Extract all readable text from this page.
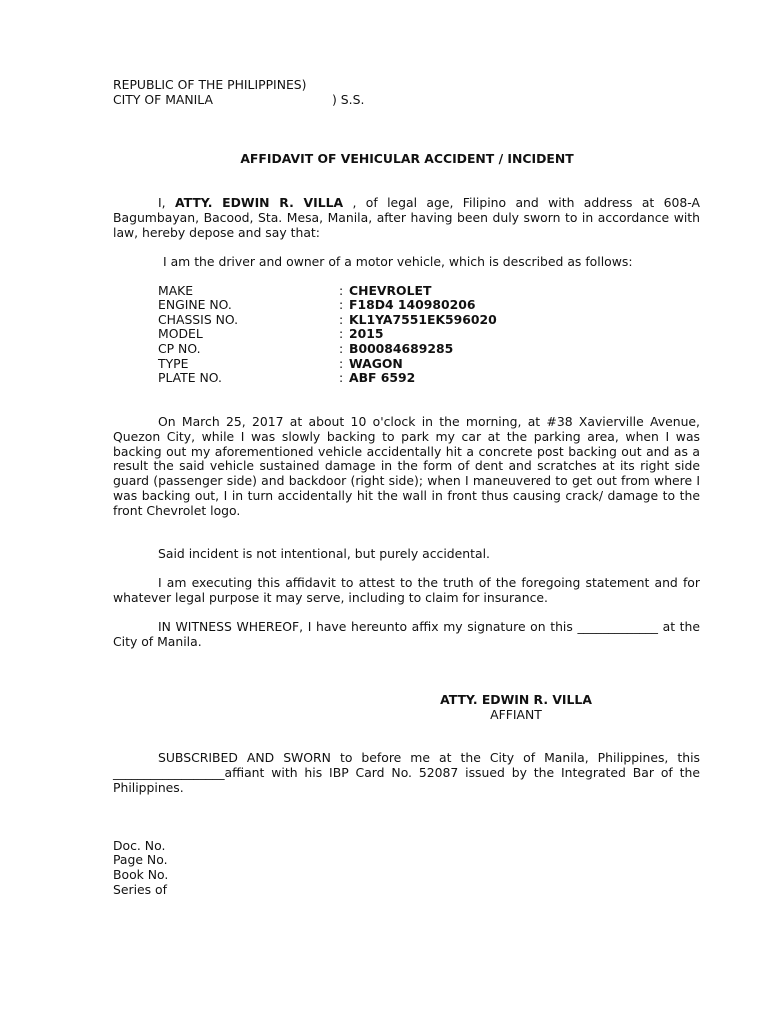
REPUBLIC OF THE PHILIPPINES)
CITY OF MANILA	) S.S.
AFFIDAVIT OF VEHICULAR ACCIDENT / INCIDENT
I, ATTY. EDWIN R. VILLA , of legal age, Filipino and with address at 608-A Bagumbayan, Bacood, Sta. Mesa, Manila, after having been duly sworn to in accordance with law, hereby depose and say that:
I am the driver and owner of a motor vehicle, which is described as follows:
MAKE	: CHEVROLET
ENGINE NO.	: F18D4 140980206
CHASSIS NO.	: KL1YA7551EK596020
MODEL	: 2015
CP NO.	: B00084689285
TYPE	: WAGON
PLATE NO.	: ABF 6592
On March 25, 2017 at about 10 o'clock in the morning, at #38 Xavierville Avenue, Quezon City, while I was slowly backing to park my car at the parking area, when I was backing out my aforementioned vehicle accidentally hit a concrete post backing out and as a result the said vehicle sustained damage in the form of dent and scratches at its right side guard (passenger side) and backdoor (right side); when I maneuvered to get out from where I was backing out, I in turn accidentally hit the wall in front thus causing crack/ damage to the front Chevrolet logo.
Said incident is not intentional, but purely accidental.
I am executing this affidavit to attest to the truth of the foregoing statement and for whatever legal purpose it may serve, including to claim for insurance.
IN WITNESS WHEREOF, I have hereunto affix my signature on this _____________ at the City of Manila.
ATTY. EDWIN R. VILLA
AFFIANT
SUBSCRIBED AND SWORN to before me at the City of Manila, Philippines, this __________________affiant with his IBP Card No. 52087 issued by the Integrated Bar of the Philippines.
Doc. No.
Page No.
Book No.
Series of
